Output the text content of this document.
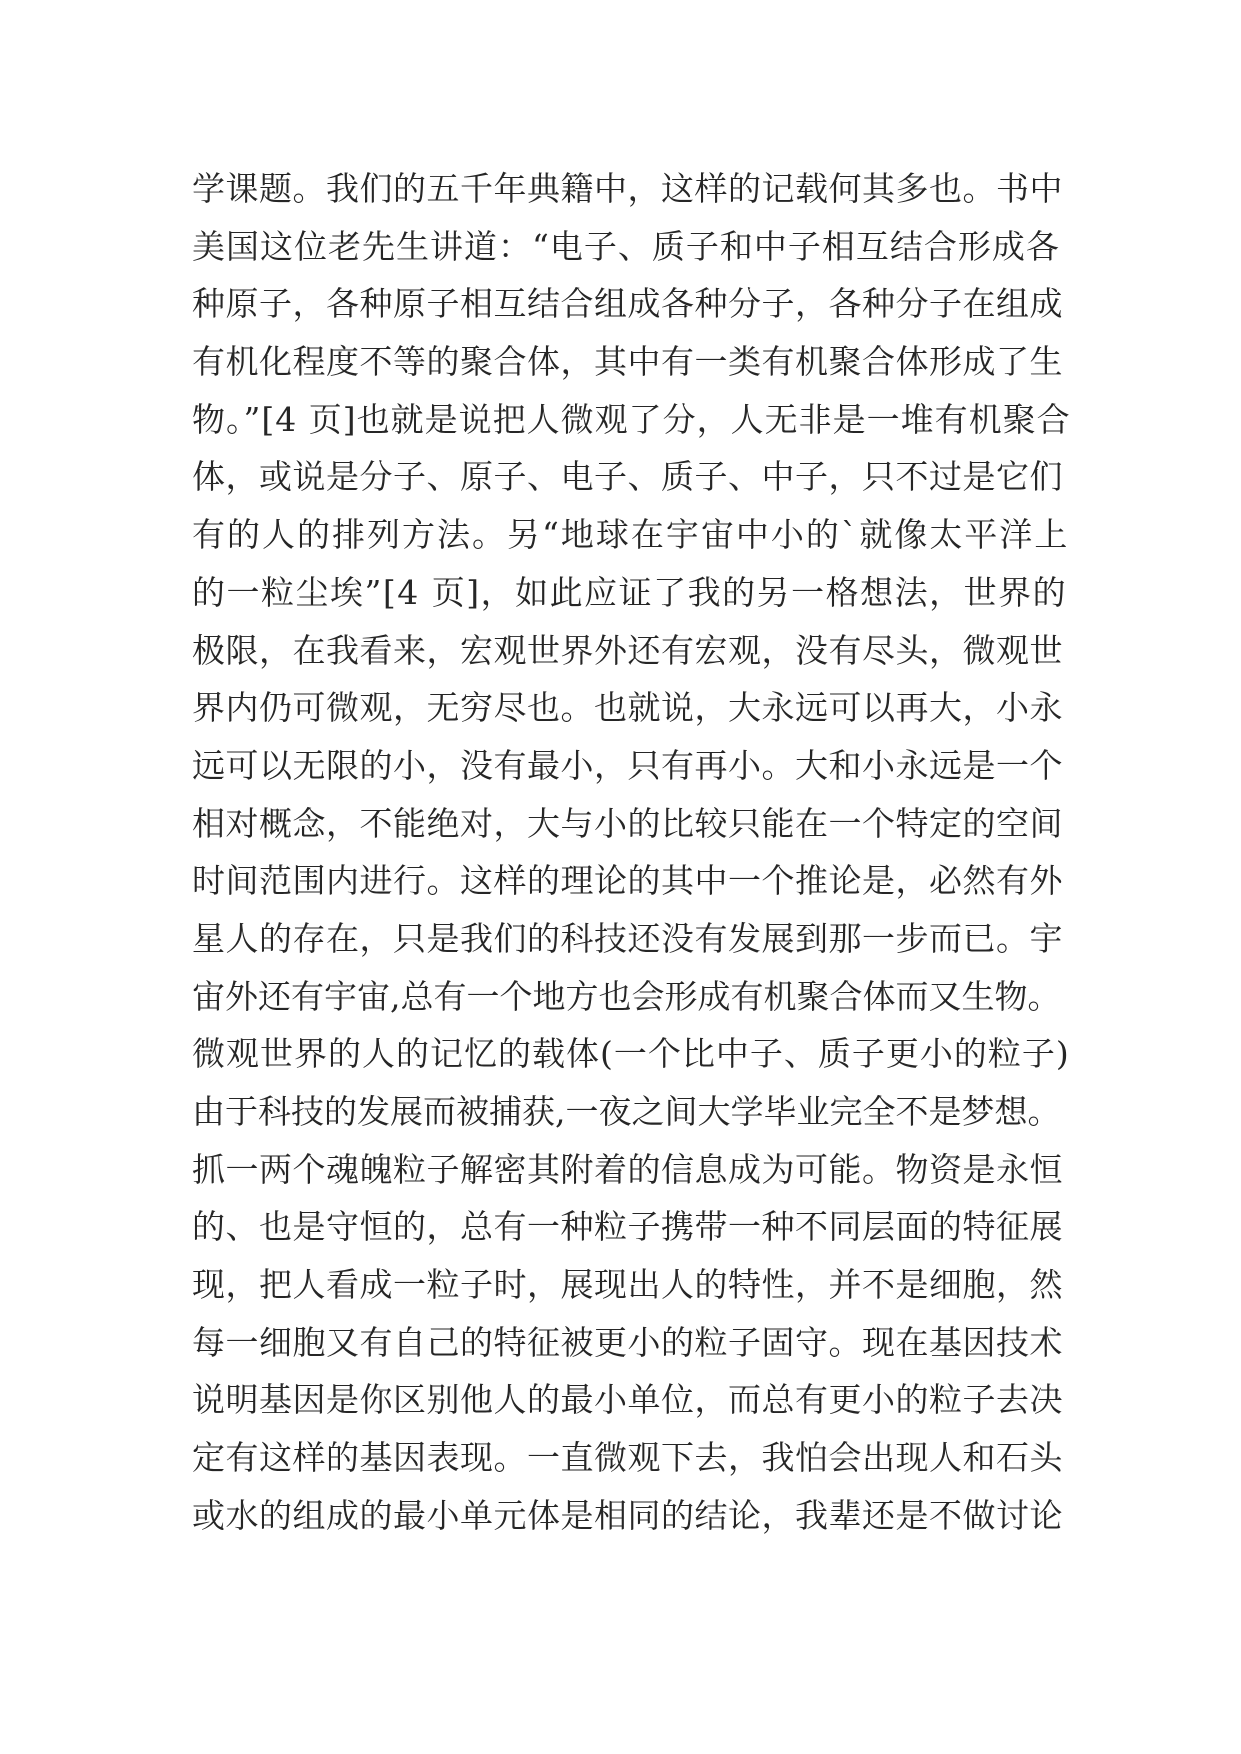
学课题。我们的五千年典籍中，这样的记载何其多也。书中
美国这位老先生讲道：“电子、质子和中子相互结合形成各
种原子，各种原子相互结合组成各种分子，各种分子在组成
有机化程度不等的聚合体，其中有一类有机聚合体形成了生
物。”[4 页]也就是说把人微观了分，人无非是一堆有机聚合
体，或说是分子、原子、电子、质子、中子，只不过是它们
有的人的排列方法。另“地球在宇宙中小的`就像太平洋上
的一粒尘埃”[4 页]，如此应证了我的另一格想法，世界的
极限，在我看来，宏观世界外还有宏观，没有尽头，微观世
界内仍可微观，无穷尽也。也就说，大永远可以再大，小永
远可以无限的小，没有最小，只有再小。大和小永远是一个
相对概念，不能绝对，大与小的比较只能在一个特定的空间
时间范围内进行。这样的理论的其中一个推论是，必然有外
星人的存在，只是我们的科技还没有发展到那一步而已。宇
宙外还有宇宙,总有一个地方也会形成有机聚合体而又生物。
微观世界的人的记忆的载体(一个比中子、质子更小的粒子)
由于科技的发展而被捕获,一夜之间大学毕业完全不是梦想。
抓一两个魂魄粒子解密其附着的信息成为可能。物资是永恒
的、也是守恒的，总有一种粒子携带一种不同层面的特征展
现，把人看成一粒子时，展现出人的特性，并不是细胞，然
每一细胞又有自己的特征被更小的粒子固守。现在基因技术
说明基因是你区别他人的最小单位，而总有更小的粒子去决
定有这样的基因表现。一直微观下去，我怕会出现人和石头
或水的组成的最小单元体是相同的结论，我辈还是不做讨论
